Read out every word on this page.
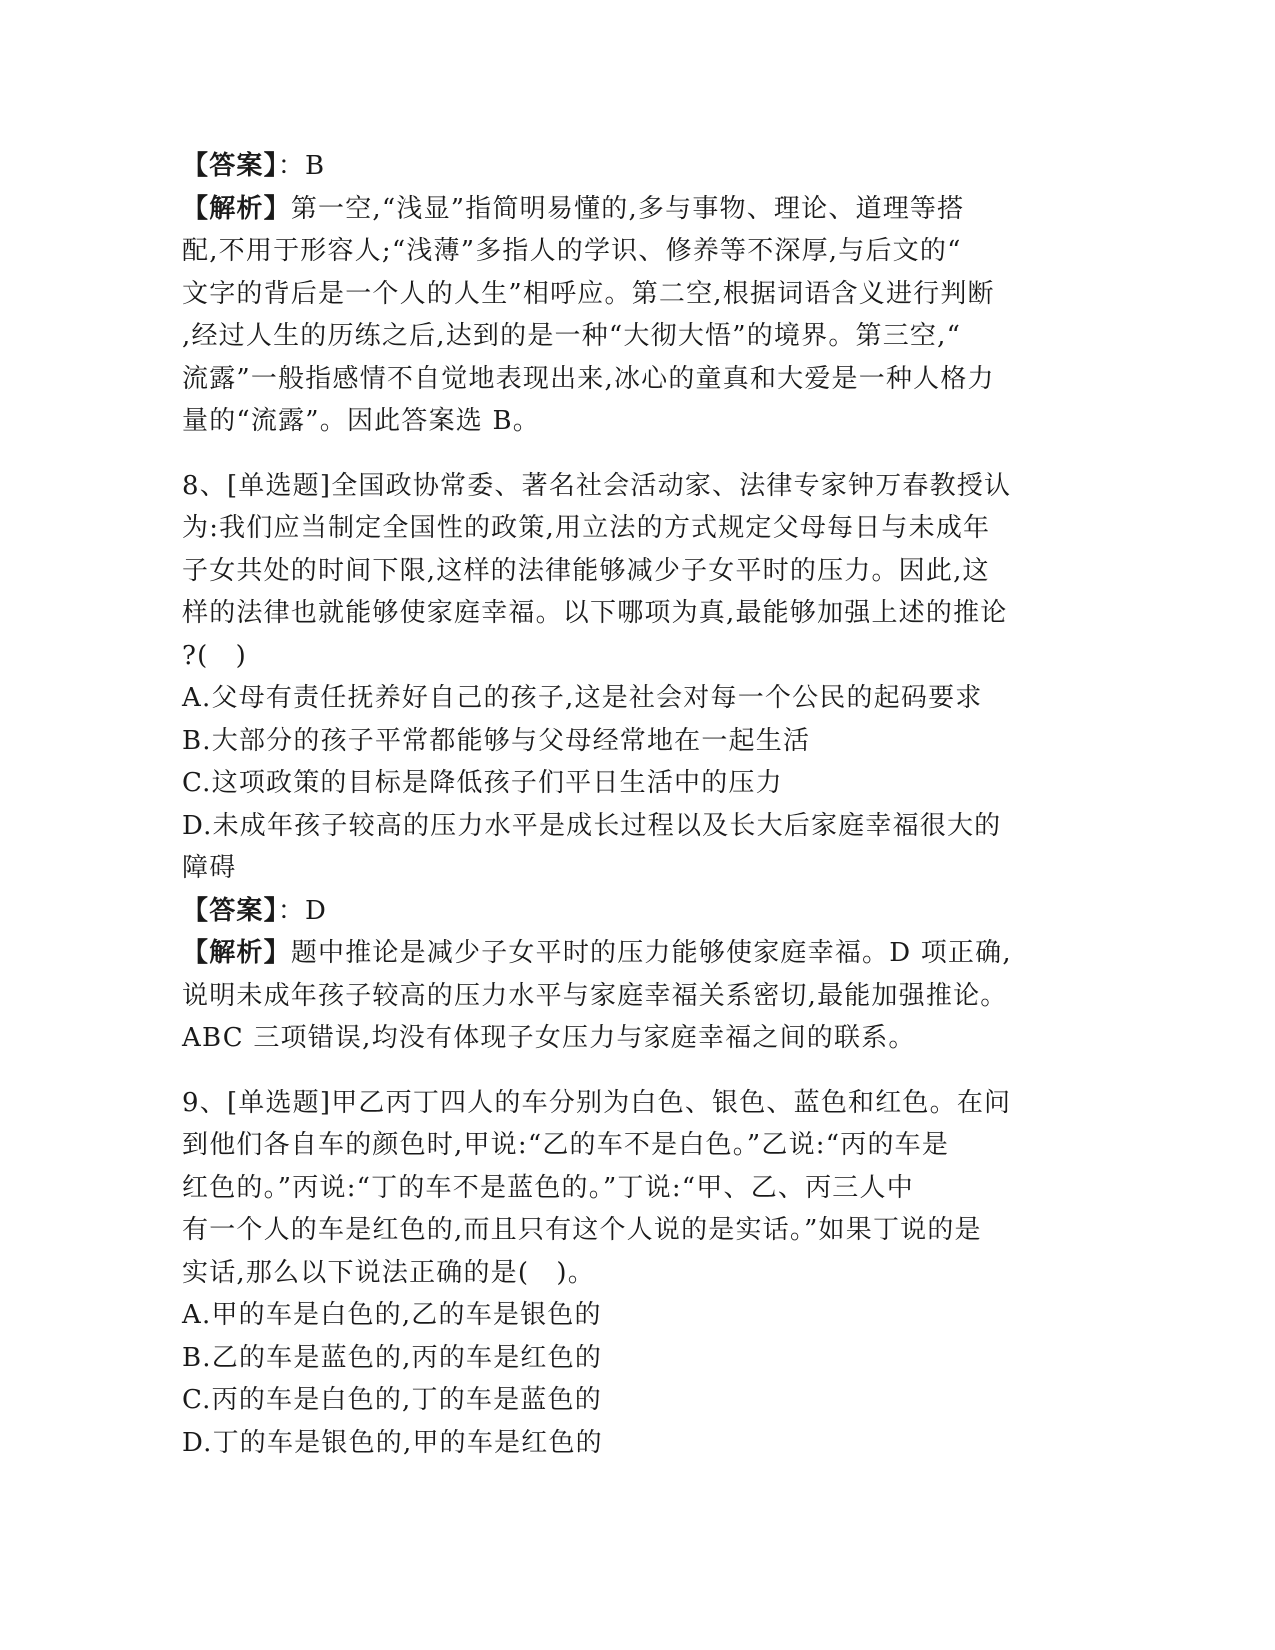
【答案】：B
【解析】第一空,“浅显”指简明易懂的,多与事物、理论、道理等搭
配,不用于形容人;“浅薄”多指人的学识、修养等不深厚,与后文的“
文字的背后是一个人的人生”相呼应。第二空,根据词语含义进行判断
,经过人生的历练之后,达到的是一种“大彻大悟”的境界。第三空,“
流露”一般指感情不自觉地表现出来,冰心的童真和大爱是一种人格力
量的“流露”。因此答案选 B。
8、[单选题]全国政协常委、著名社会活动家、法律专家钟万春教授认
为:我们应当制定全国性的政策,用立法的方式规定父母每日与未成年
子女共处的时间下限,这样的法律能够减少子女平时的压力。因此,这
样的法律也就能够使家庭幸福。以下哪项为真,最能够加强上述的推论
?(　)
A.父母有责任抚养好自己的孩子,这是社会对每一个公民的起码要求
B.大部分的孩子平常都能够与父母经常地在一起生活
C.这项政策的目标是降低孩子们平日生活中的压力
D.未成年孩子较高的压力水平是成长过程以及长大后家庭幸福很大的
障碍
【答案】：D
【解析】题中推论是减少子女平时的压力能够使家庭幸福。D 项正确,
说明未成年孩子较高的压力水平与家庭幸福关系密切,最能加强推论。
ABC 三项错误,均没有体现子女压力与家庭幸福之间的联系。
9、[单选题]甲乙丙丁四人的车分别为白色、银色、蓝色和红色。在问
到他们各自车的颜色时,甲说:“乙的车不是白色。”乙说:“丙的车是
红色的。”丙说:“丁的车不是蓝色的。”丁说:“甲、乙、丙三人中
有一个人的车是红色的,而且只有这个人说的是实话。”如果丁说的是
实话,那么以下说法正确的是(　)。
A.甲的车是白色的,乙的车是银色的
B.乙的车是蓝色的,丙的车是红色的
C.丙的车是白色的,丁的车是蓝色的
D.丁的车是银色的,甲的车是红色的
